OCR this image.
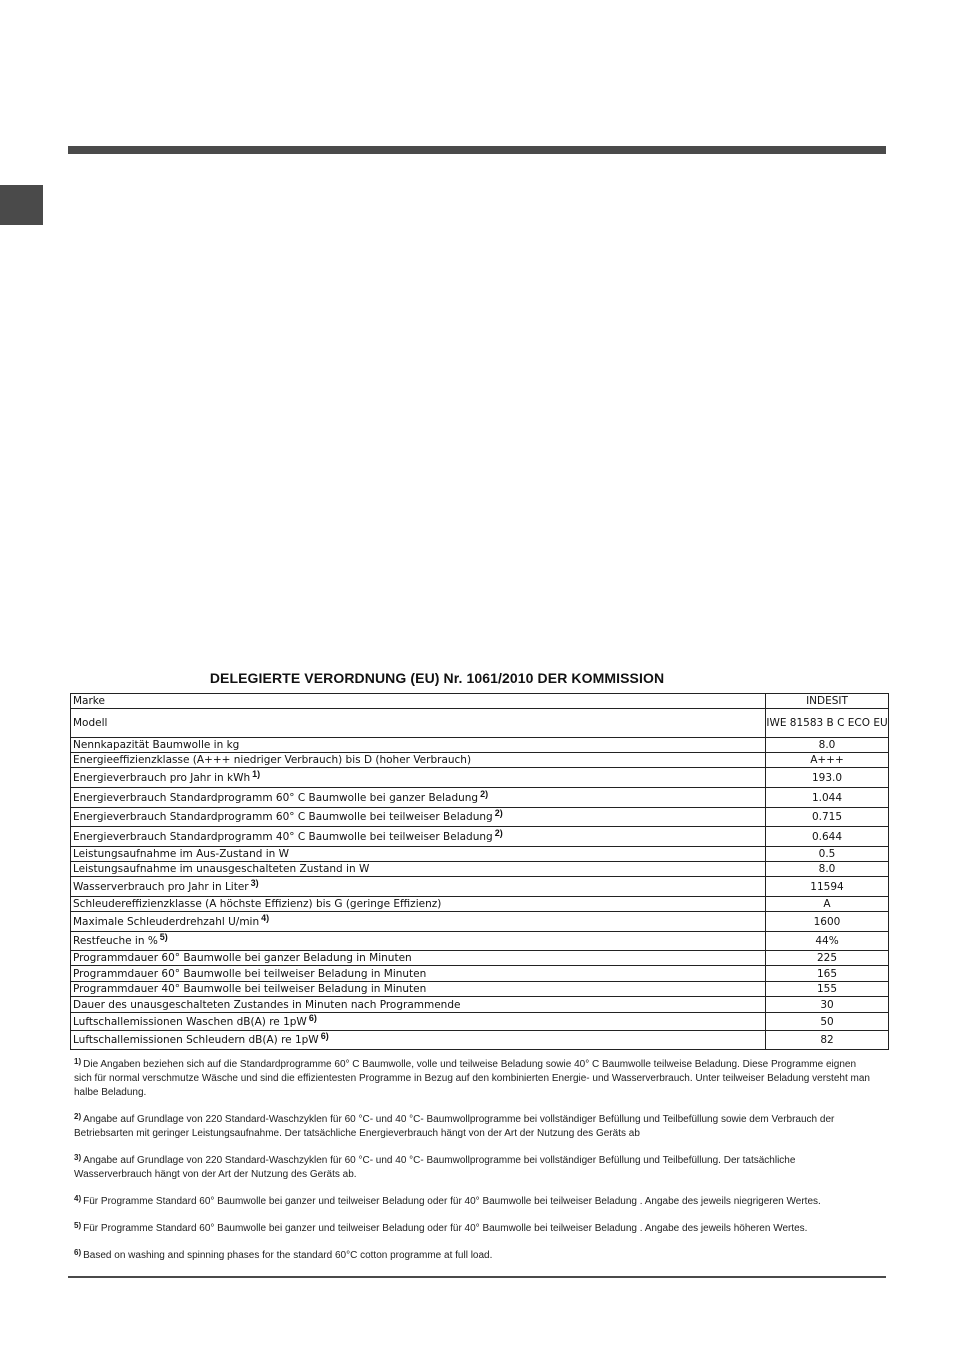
DELEGIERTE VERORDNUNG (EU) Nr. 1061/2010 DER KOMMISSION
Marke	INDESIT
Modell	IWE 81583 B C ECO EU
Nennkapazität Baumwolle in kg	8.0
Energieeffizienzklasse (A+++ niedriger Verbrauch) bis D (hoher Verbrauch)	A+++
Energieverbrauch pro Jahr in kWh $^{1)}$	193.0
Energieverbrauch Standardprogramm 60° C Baumwolle bei ganzer Beladung $^{2)}$	1.044
Energieverbrauch Standardprogramm 60° C Baumwolle bei teilweiser Beladung $^{2)}$	0.715
Energieverbrauch Standardprogramm 40° C Baumwolle bei teilweiser Beladung $^{2)}$	0.644
Leistungsaufnahme im Aus-Zustand in W	0.5
Leistungsaufnahme im unausgeschalteten Zustand in W	8.0
Wasserverbrauch pro Jahr in Liter $^{3)}$	11594
Schleudereffizienzklasse (A höchste Effizienz) bis G (geringe Effizienz)	A
Maximale Schleuderdrehzahl U/min $^{4)}$	1600
Restfeuche in % $^{5)}$	44%
Programmdauer 60° Baumwolle bei ganzer Beladung in Minuten	225
Programmdauer 60° Baumwolle bei teilweiser Beladung in Minuten	165
Programmdauer 40° Baumwolle bei teilweiser Beladung in Minuten	155
Dauer des unausgeschalteten Zustandes in Minuten nach Programmende	30
Luftschallemissionen Waschen dB(A) re 1pW $^{6)}$	50
Luftschallemissionen Schleudern dB(A) re 1pW $^{6)}$	82

$^{1)}$ Die Angaben beziehen sich auf die Standardprogramme 60° C Baumwolle, volle und teilweise Beladung sowie 40° C Baumwolle teilweise Beladung. Diese Programme eignen sich für normal verschmutze Wäsche und sind die effizientesten Programme in Bezug auf den kombinierten Energie- und Wasserverbrauch. Unter teilweiser Beladung versteht man halbe Beladung.

$^{2)}$ Angabe auf Grundlage von 220 Standard-Waschzyklen für 60 °C- und 40 °C- Baumwollprogramme bei vollständiger Befüllung und Teilbefüllung sowie dem Verbrauch der Betriebsarten mit geringer Leistungsaufnahme. Der tatsächliche Energieverbrauch hängt von der Art der Nutzung des Geräts ab

$^{3)}$ Angabe auf Grundlage von 220 Standard-Waschzyklen für 60 °C- und 40 °C- Baumwollprogramme bei vollständiger Befüllung und Teilbefüllung. Der tatsächliche Wasserverbrauch hängt von der Art der Nutzung des Geräts ab.

$^{4)}$ Für Programme Standard 60° Baumwolle bei ganzer und teilweiser Beladung oder für 40° Baumwolle bei teilweiser Beladung . Angabe des jeweils niegrigeren Wertes.

$^{5)}$ Für Programme Standard 60° Baumwolle bei ganzer und teilweiser Beladung oder für 40° Baumwolle bei teilweiser Beladung . Angabe des jeweils höheren Wertes.

$^{6)}$ Based on washing and spinning phases for the standard 60°C cotton programme at full load.
